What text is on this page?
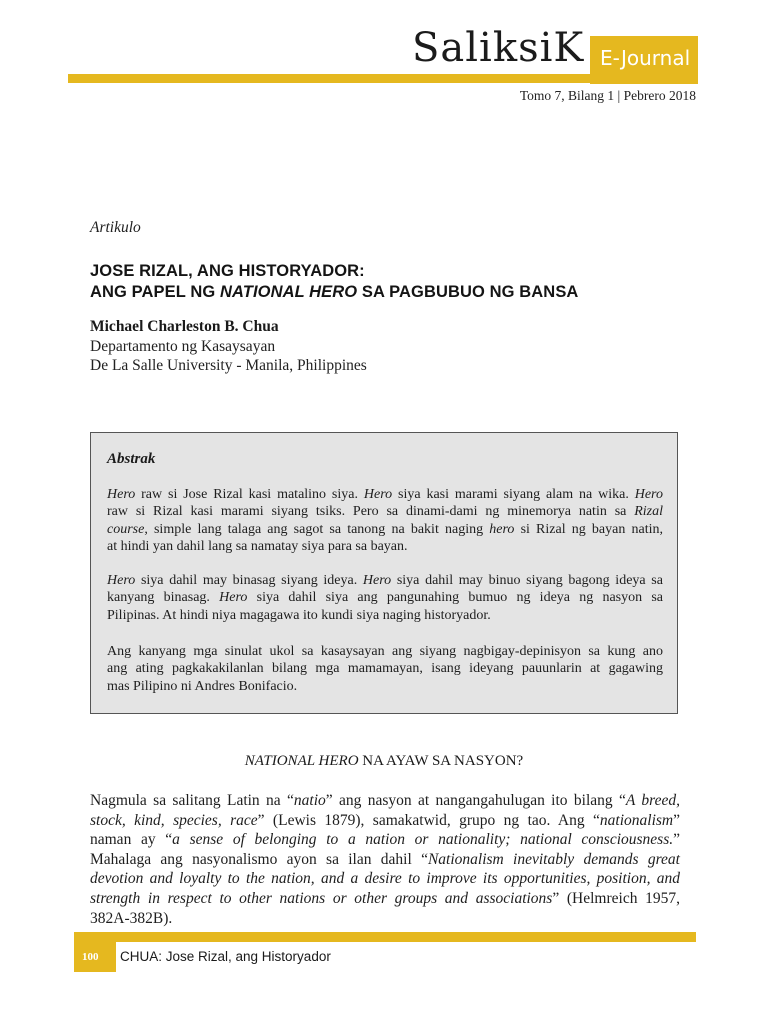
SaliksiK E-Journal
Tomo 7, Bilang 1 | Pebrero 2018
Artikulo
JOSE RIZAL, ANG HISTORYADOR:
ANG PAPEL NG NATIONAL HERO SA PAGBUBUO NG BANSA
Michael Charleston B. Chua
Departamento ng Kasaysayan
De La Salle University - Manila, Philippines
Abstrak
Hero raw si Jose Rizal kasi matalino siya. Hero siya kasi marami siyang alam na wika. Hero
raw si Rizal kasi marami siyang tsiks. Pero sa dinami-dami ng minemorya natin sa Rizal
course, simple lang talaga ang sagot sa tanong na bakit naging hero si Rizal ng bayan natin,
at hindi yan dahil lang sa namatay siya para sa bayan.
Hero siya dahil may binasag siyang ideya. Hero siya dahil may binuo siyang bagong ideya sa
kanyang binasag. Hero siya dahil siya ang pangunahing bumuo ng ideya ng nasyon sa
Pilipinas. At hindi niya magagawa ito kundi siya naging historyador.
Ang kanyang mga sinulat ukol sa kasaysayan ang siyang nagbigay-depinisyon sa kung ano
ang ating pagkakakilanlan bilang mga mamamayan, isang ideyang pauunlarin at gagawing
mas Pilipino ni Andres Bonifacio.
NATIONAL HERO NA AYAW SA NASYON?
Nagmula sa salitang Latin na “natio” ang nasyon at nangangahulugan ito bilang “A breed,
stock, kind, species, race” (Lewis 1879), samakatwid, grupo ng tao. Ang “nationalism”
naman ay “a sense of belonging to a nation or nationality; national consciousness.”
Mahalaga ang nasyonalismo ayon sa ilan dahil “Nationalism inevitably demands great
devotion and loyalty to the nation, and a desire to improve its opportunities, position, and
strength in respect to other nations or other groups and associations” (Helmreich 1957,
382A-382B).
100 CHUA: Jose Rizal, ang Historyador
